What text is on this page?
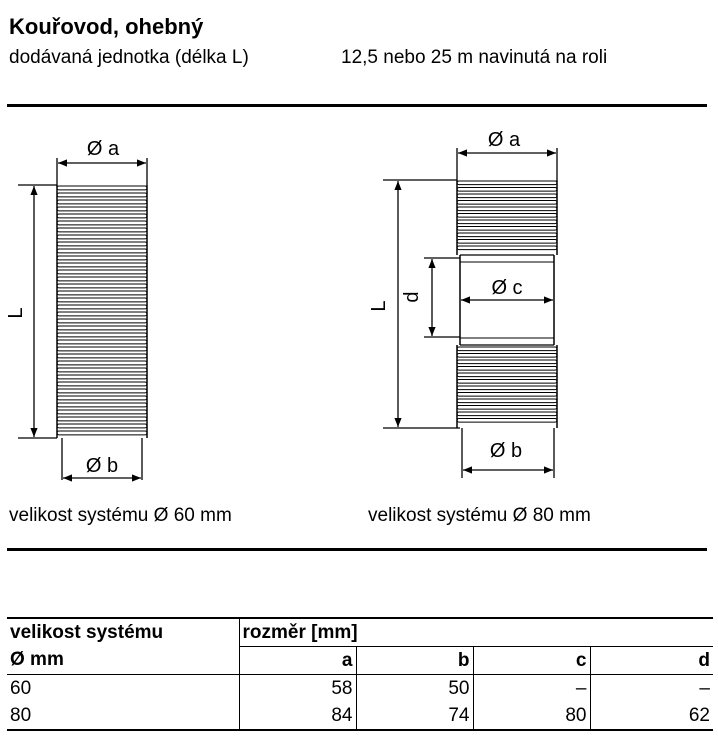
Kouřovod, ohebný
dodávaná jednotka (délka L)	12,5 nebo 25 m navinutá na roli
Ø a
L
Ø b
Ø a
L
Ø c
d
Ø b
velikost systému Ø 60 mm	velikost systému Ø 80 mm
velikost systému	rozměr [mm]			
Ø mm	a	b	c	d
60	58	50	–	–
80	84	74	80	62
